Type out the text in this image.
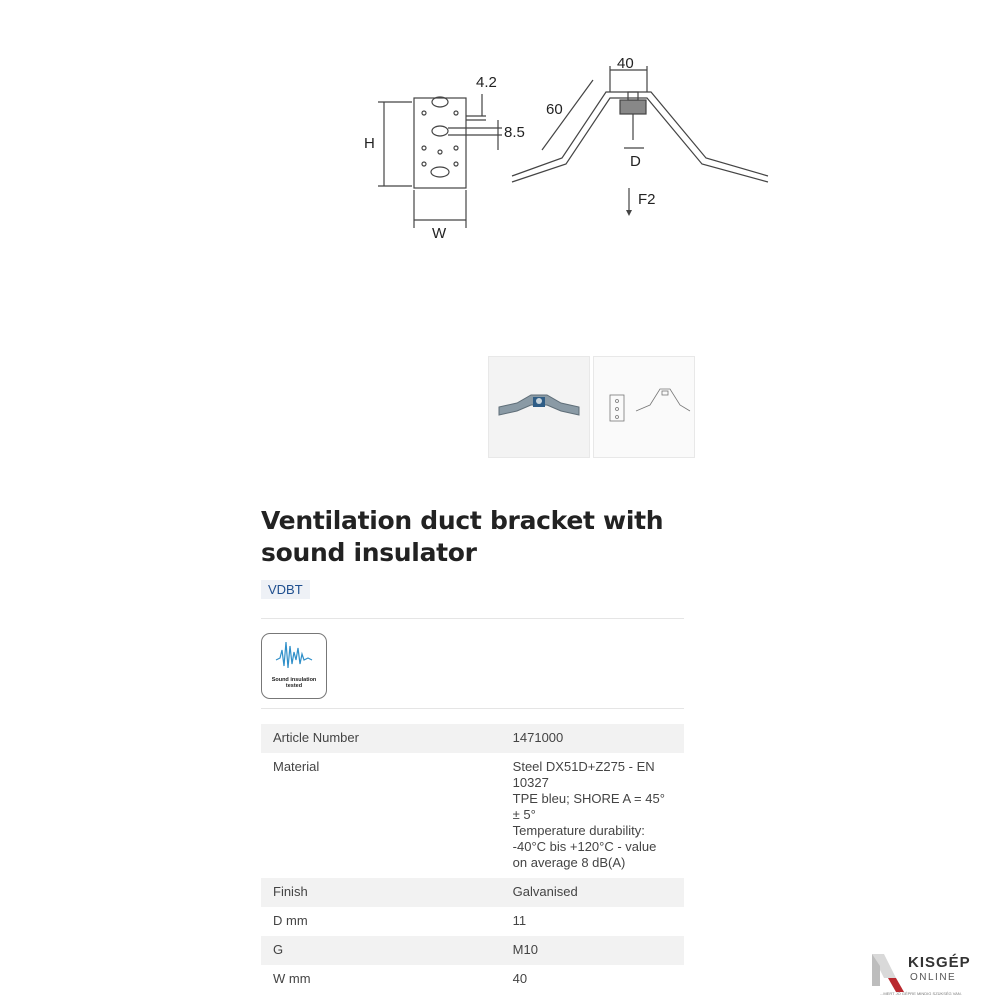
4.2
8.5
H
W
40
60
D
F2
Ventilation duct bracket with sound insulator
VDBT
Sound insulation tested
Article Number	1471000
Material	Steel DX51D+Z275 - EN 10327
TPE bleu; SHORE A = 45° ± 5°
Temperature durability: -40°C bis +120°C - value on average 8 dB(A)
Finish	Galvanised
D mm	11
G	M10
W mm	40
KISGÉP
ONLINE
...MERT JÓ GÉPRE MINDIG SZÜKSÉG VAN.
